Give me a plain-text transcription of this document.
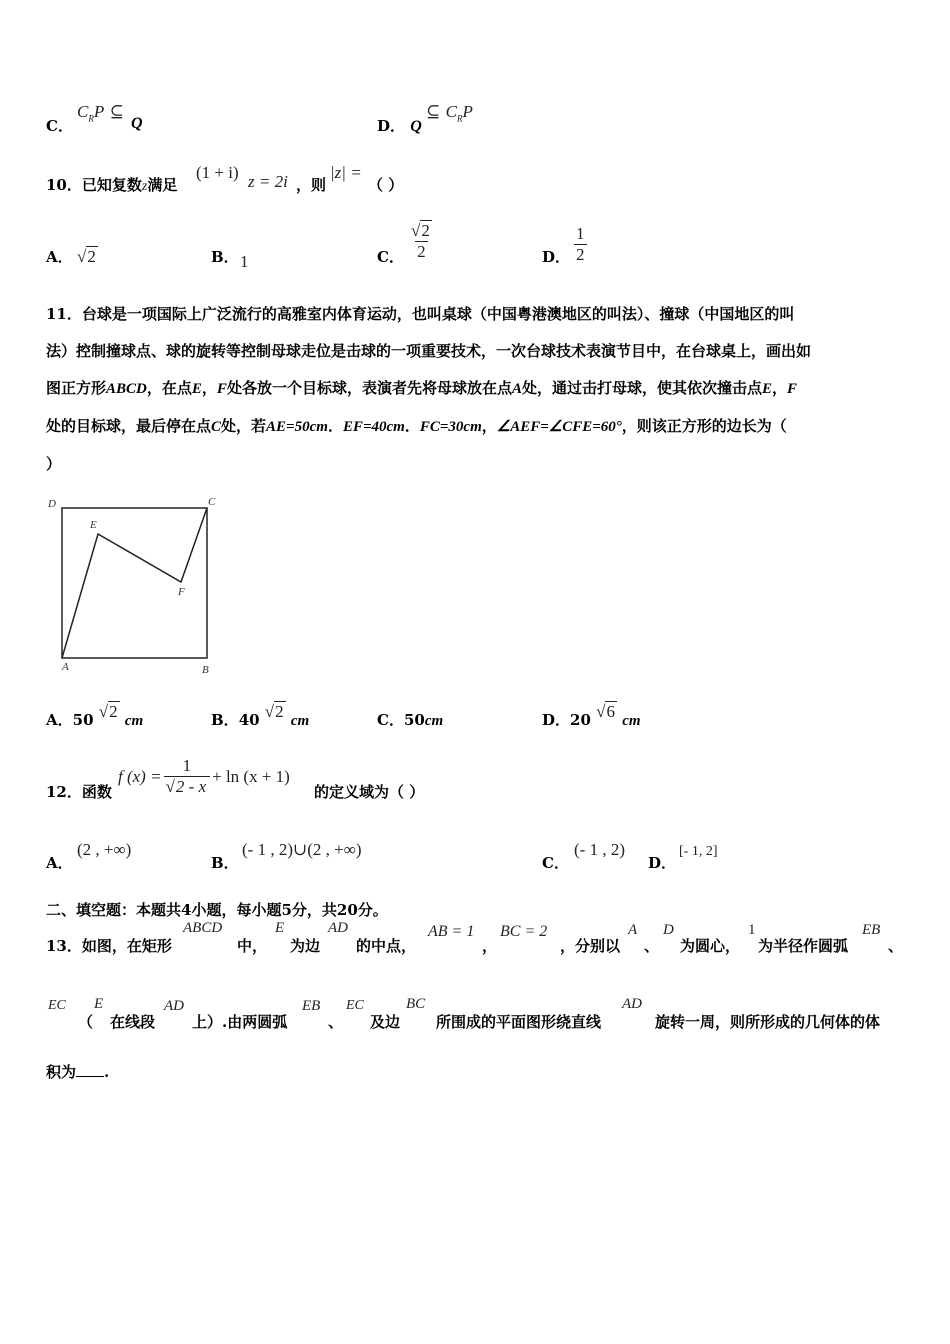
C．
$C_RP$ ⊆
Q	D． Q
⊆ $C_RP$
10．已知复数z满足
(1 + i) z = 2i ，则
|z| =
（ ）
A． √2	B． 1	C． $\frac{√2}{2}$	D． $\frac{1}{2}$
11．台球是一项国际上广泛流行的高雅室内体育运动，也叫桌球（中国粤港澳地区的叫法）、撞球（中国地区的叫
法）控制撞球点、球的旋转等控制母球走位是击球的一项重要技术，一次台球技术表演节目中，在台球桌上，画出如
图正方形ABCD，在点E，F处各放一个目标球，表演者先将母球放在点A处，通过击打母球，使其依次撞击点E，F
处的目标球，最后停在点C处，若AE=50cm．EF=40cm．FC=30cm，∠AEF=∠CFE=60°，则该正方形的边长为（
）
D	C
E
F
A	B
A．50 √2 cm	B．40 √2 cm	C．50cm	D．20 √6 cm
12．函数
f $(x) = \frac{1}{√2 - x} + \ln (x + 1)$
的定义域为（ ）
A．
(2 , +∞)
B．
(- 1 , 2)∪(2 , +∞)
C．
(- 1 , 2)
D．
[- 1, 2]
二、填空题：本题共4小题，每小题5分，共20分。
13．如图，在矩形
ABCD
中，
E
为边
AD
的中点，
AB = 1
，
BC = 2
，分别以
A
、
D
为圆心，
1
为半径作圆弧
EB
、
EC
（
E
在线段
AD
上）.由两圆弧
EB
、
EC
及边
BC
所围成的平面图形绕直线
AD
旋转一周，则所形成的几何体的体
积为 .
